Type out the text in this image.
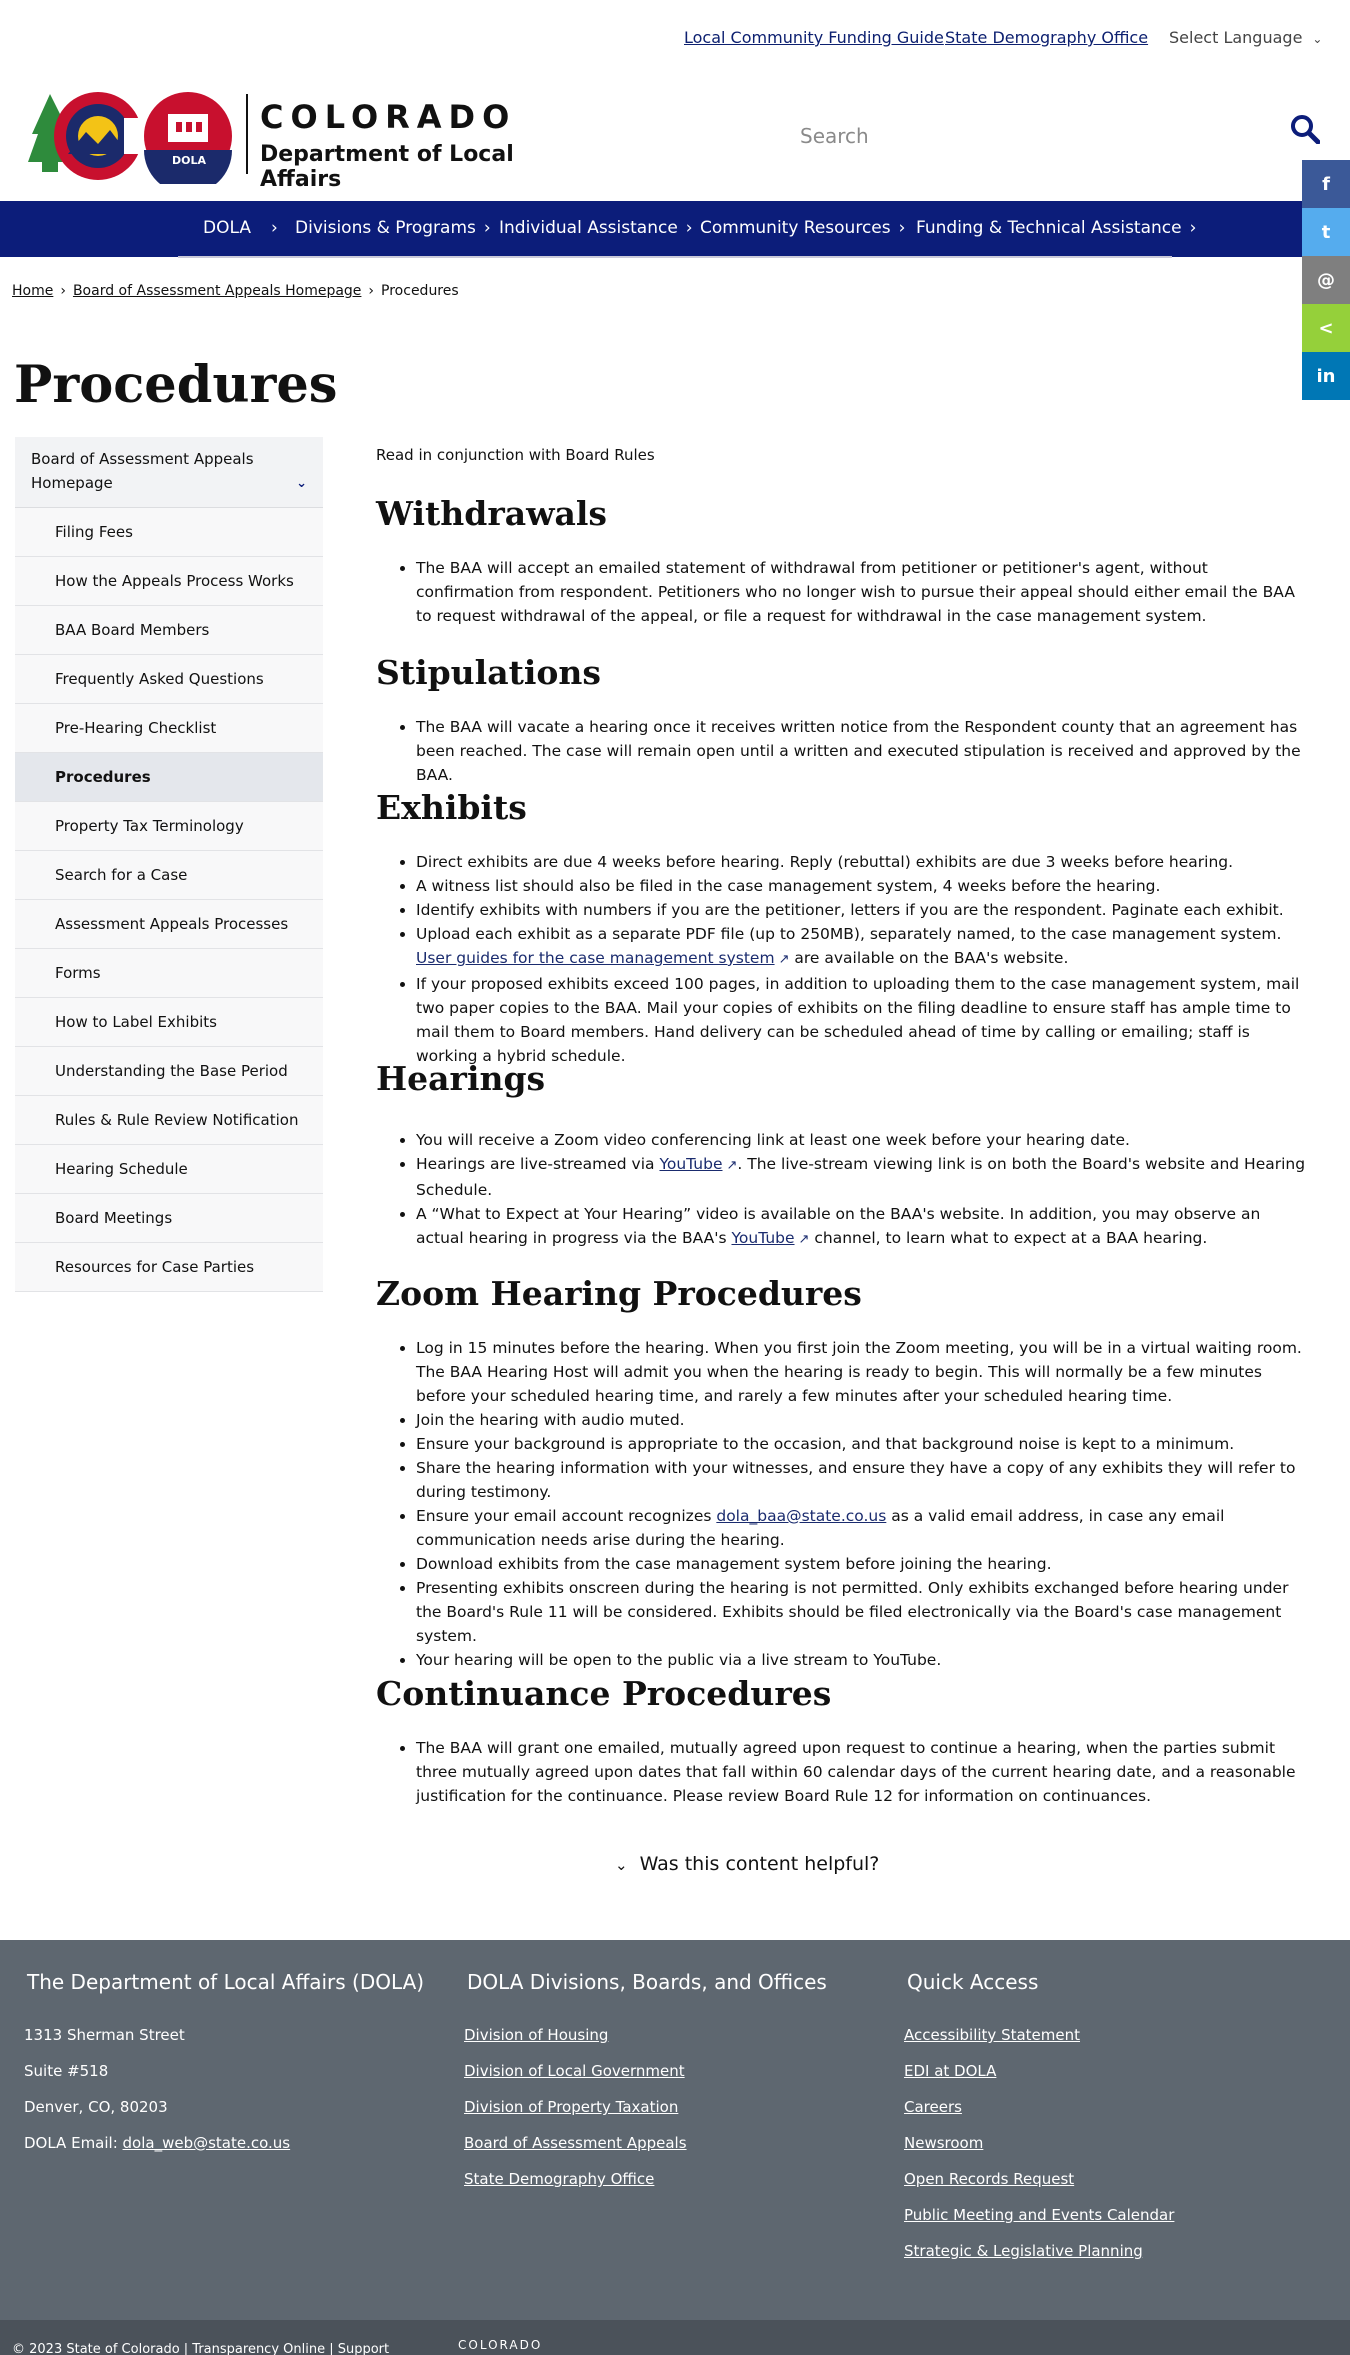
Local Community Funding Guide State Demography Office Select Language ⌄
COLORADO
Department of Local Affairs
DOLA
Search
DOLA › Divisions & Programs › Individual Assistance › Community Resources › Funding & Technical Assistance ›
f
t
@
<
in
Home › Board of Assessment Appeals Homepage › Procedures
Procedures
Board of Assessment Appeals Homepage	⌄
Filing Fees
How the Appeals Process Works
BAA Board Members
Frequently Asked Questions
Pre-Hearing Checklist
Procedures
Property Tax Terminology
Search for a Case
Assessment Appeals Processes
Forms
How to Label Exhibits
Understanding the Base Period
Rules & Rule Review Notification
Hearing Schedule
Board Meetings
Resources for Case Parties
Read in conjunction with Board Rules
Withdrawals
• The BAA will accept an emailed statement of withdrawal from petitioner or petitioner's agent, without confirmation from respondent. Petitioners who no longer wish to pursue their appeal should either email the BAA to request withdrawal of the appeal, or file a request for withdrawal in the case management system.
Stipulations
• The BAA will vacate a hearing once it receives written notice from the Respondent county that an agreement has been reached. The case will remain open until a written and executed stipulation is received and approved by the BAA.
Exhibits
• Direct exhibits are due 4 weeks before hearing. Reply (rebuttal) exhibits are due 3 weeks before hearing.
• A witness list should also be filed in the case management system, 4 weeks before the hearing.
• Identify exhibits with numbers if you are the petitioner, letters if you are the respondent. Paginate each exhibit.
• Upload each exhibit as a separate PDF file (up to 250MB), separately named, to the case management system. User guides for the case management system ↗ are available on the BAA's website.
• If your proposed exhibits exceed 100 pages, in addition to uploading them to the case management system, mail two paper copies to the BAA. Mail your copies of exhibits on the filing deadline to ensure staff has ample time to mail them to Board members. Hand delivery can be scheduled ahead of time by calling or emailing; staff is working a hybrid schedule.
Hearings
• You will receive a Zoom video conferencing link at least one week before your hearing date.
• Hearings are live-streamed via YouTube ↗. The live-stream viewing link is on both the Board's website and Hearing Schedule.
• A “What to Expect at Your Hearing” video is available on the BAA's website. In addition, you may observe an actual hearing in progress via the BAA's YouTube ↗ channel, to learn what to expect at a BAA hearing.
Zoom Hearing Procedures
• Log in 15 minutes before the hearing. When you first join the Zoom meeting, you will be in a virtual waiting room. The BAA Hearing Host will admit you when the hearing is ready to begin. This will normally be a few minutes before your scheduled hearing time, and rarely a few minutes after your scheduled hearing time.
• Join the hearing with audio muted.
• Ensure your background is appropriate to the occasion, and that background noise is kept to a minimum.
• Share the hearing information with your witnesses, and ensure they have a copy of any exhibits they will refer to during testimony.
• Ensure your email account recognizes dola_baa@state.co.us as a valid email address, in case any email communication needs arise during the hearing.
• Download exhibits from the case management system before joining the hearing.
• Presenting exhibits onscreen during the hearing is not permitted. Only exhibits exchanged before hearing under the Board's Rule 11 will be considered. Exhibits should be filed electronically via the Board's case management system.
• Your hearing will be open to the public via a live stream to YouTube.
Continuance Procedures
• The BAA will grant one emailed, mutually agreed upon request to continue a hearing, when the parties submit three mutually agreed upon dates that fall within 60 calendar days of the current hearing date, and a reasonable justification for the continuance. Please review Board Rule 12 for information on continuances.
⌄ Was this content helpful?
The Department of Local Affairs (DOLA)
1313 Sherman Street
Suite #518
Denver, CO, 80203
DOLA Email: dola_web@state.co.us
DOLA Divisions, Boards, and Offices
Division of Housing
Division of Local Government
Division of Property Taxation
Board of Assessment Appeals
State Demography Office
Quick Access
Accessibility Statement
EDI at DOLA
Careers
Newsroom
Open Records Request
Public Meeting and Events Calendar
Strategic & Legislative Planning
© 2023 State of Colorado | Transparency Online | Support	COLORADO
